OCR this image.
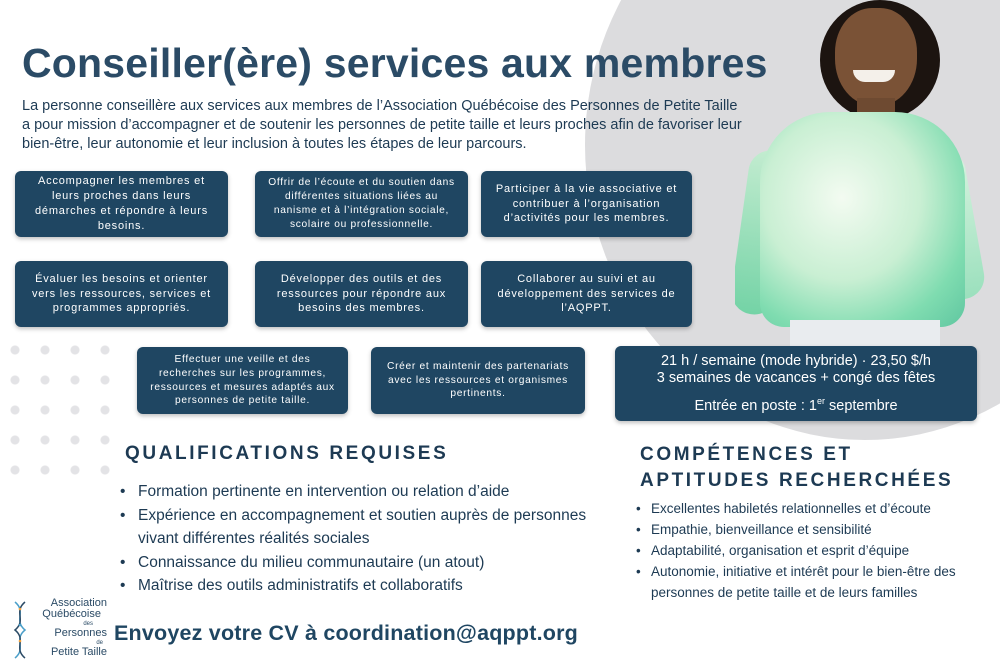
Conseiller(ère) services aux membres

La personne conseillère aux services aux membres de l’Association Québécoise des Personnes de Petite Taille a pour mission d’accompagner et de soutenir les personnes de petite taille et leurs proches afin de favoriser leur bien-être, leur autonomie et leur inclusion à toutes les étapes de leur parcours.

Accompagner les membres et leurs proches dans leurs démarches et répondre à leurs besoins.
Offrir de l’écoute et du soutien dans différentes situations liées au nanisme et à l’intégration sociale, scolaire ou professionnelle.
Participer à la vie associative et contribuer à l’organisation d’activités pour les membres.
Évaluer les besoins et orienter vers les ressources, services et programmes appropriés.
Développer des outils et des ressources pour répondre aux besoins des membres.
Collaborer au suivi et au développement des services de l’AQPPT.
Effectuer une veille et des recherches sur les programmes, ressources et mesures adaptés aux personnes de petite taille.
Créer et maintenir des partenariats avec les ressources et organismes pertinents.
21 h / semaine (mode hybride) · 23,50 $/h
3 semaines de vacances + congé des fêtes
Entrée en poste : 1er septembre
QUALIFICATIONS REQUISES
• Formation pertinente en intervention ou relation d’aide
• Expérience en accompagnement et soutien auprès de personnes vivant différentes réalités sociales
• Connaissance du milieu communautaire (un atout)
• Maîtrise des outils administratifs et collaboratifs
COMPÉTENCES ET APTITUDES RECHERCHÉES
• Excellentes habiletés relationnelles et d’écoute
• Empathie, bienveillance et sensibilité
• Adaptabilité, organisation et esprit d’équipe
• Autonomie, initiative et intérêt pour le bien-être des personnes de petite taille et de leurs familles
Association
Québécoise
des
Personnes
de
Petite Taille
Envoyez votre CV à coordination@aqppt.org
